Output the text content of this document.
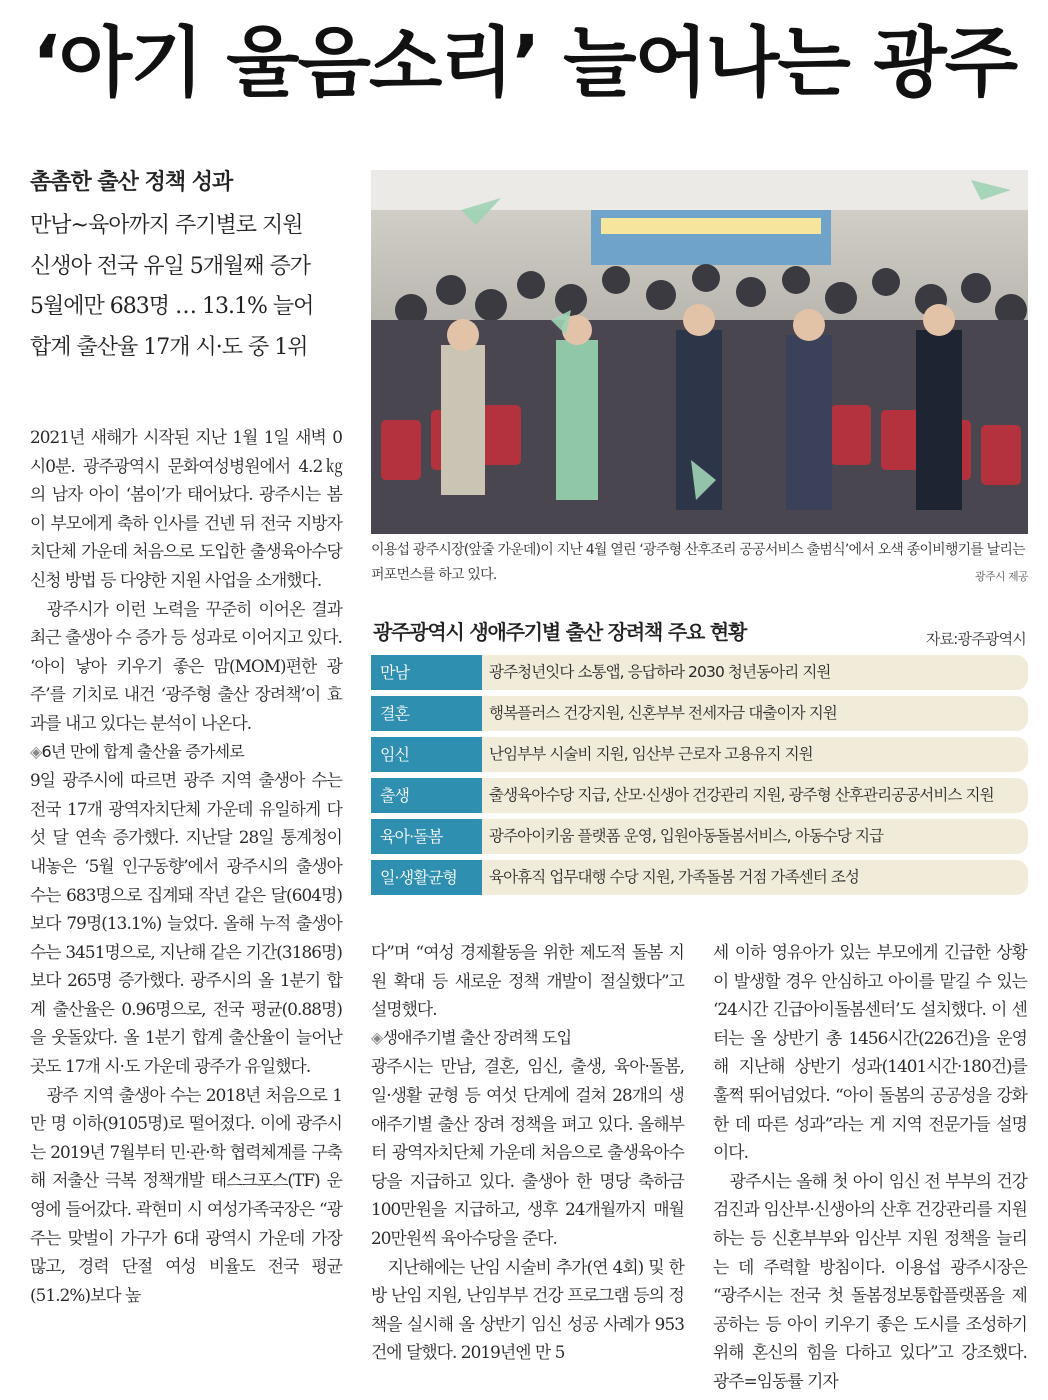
‘아기 울음소리’ 늘어나는 광주
촘촘한 출산 정책 성과
만남~육아까지 주기별로 지원
신생아 전국 유일 5개월째 증가
5월에만 683명 … 13.1% 늘어
합계 출산율 17개 시·도 중 1위

2021년 새해가 시작된 지난 1월 1일 새벽 0시0분. 광주광역시 문화여성병원에서 4.2㎏의 남자 아이 ‘봄이’가 태어났다. 광주시는 봄이 부모에게 축하 인사를 건넨 뒤 전국 지방자치단체 가운데 처음으로 도입한 출생육아수당 신청 방법 등 다양한 지원 사업을 소개했다.

광주시가 이런 노력을 꾸준히 이어온 결과 최근 출생아 수 증가 등 성과로 이어지고 있다. ‘아이 낳아 키우기 좋은 맘(MOM)편한 광주’를 기치로 내건 ‘광주형 출산 장려책’이 효과를 내고 있다는 분석이 나온다.

◈6년 만에 합계 출산율 증가세로

9일 광주시에 따르면 광주 지역 출생아 수는 전국 17개 광역자치단체 가운데 유일하게 다섯 달 연속 증가했다. 지난달 28일 통계청이 내놓은 ‘5월 인구동향’에서 광주시의 출생아 수는 683명으로 집계돼 작년 같은 달(604명)보다 79명(13.1%) 늘었다. 올해 누적 출생아 수는 3451명으로, 지난해 같은 기간(3186명)보다 265명 증가했다. 광주시의 올 1분기 합계 출산율은 0.96명으로, 전국 평균(0.88명)을 웃돌았다. 올 1분기 합계 출산율이 늘어난 곳도 17개 시·도 가운데 광주가 유일했다.

광주 지역 출생아 수는 2018년 처음으로 1만 명 이하(9105명)로 떨어졌다. 이에 광주시는 2019년 7월부터 민·관·학 협력체계를 구축해 저출산 극복 정책개발 태스크포스(TF) 운영에 들어갔다. 곽현미 시 여성가족국장은 “광주는 맞벌이 가구가 6대 광역시 가운데 가장 많고, 경력 단절 여성 비율도 전국 평균(51.2%)보다 높

이용섭 광주시장(앞줄 가운데)이 지난 4월 열린 ‘광주형 산후조리 공공서비스 출범식’에서 오색 종이비행기를 날리는 퍼포먼스를 하고 있다.	광주시 제공
광주광역시 생애주기별 출산 장려책 주요 현황	자료:광주광역시
만남	광주청년잇다 소통앱, 응답하라 2030 청년동아리 지원
결혼	행복플러스 건강지원, 신혼부부 전세자금 대출이자 지원
임신	난임부부 시술비 지원, 임산부 근로자 고용유지 지원
출생	출생육아수당 지급, 산모·신생아 건강관리 지원, 광주형 산후관리공공서비스 지원
육아·돌봄	광주아이키움 플랫폼 운영, 입원아동돌봄서비스, 아동수당 지급
일·생활균형	육아휴직 업무대행 수당 지원, 가족돌봄 거점 가족센터 조성

다”며 “여성 경제활동을 위한 제도적 돌봄 지원 확대 등 새로운 정책 개발이 절실했다”고 설명했다.

◈생애주기별 출산 장려책 도입

광주시는 만남, 결혼, 임신, 출생, 육아·돌봄, 일·생활 균형 등 여섯 단계에 걸쳐 28개의 생애주기별 출산 장려 정책을 펴고 있다. 올해부터 광역자치단체 가운데 처음으로 출생육아수당을 지급하고 있다. 출생아 한 명당 축하금 100만원을 지급하고, 생후 24개월까지 매월 20만원씩 육아수당을 준다.

지난해에는 난임 시술비 추가(연 4회) 및 한방 난임 지원, 난임부부 건강 프로그램 등의 정책을 실시해 올 상반기 임신 성공 사례가 953건에 달했다. 2019년엔 만 5

세 이하 영유아가 있는 부모에게 긴급한 상황이 발생할 경우 안심하고 아이를 맡길 수 있는 ‘24시간 긴급아이돌봄센터’도 설치했다. 이 센터는 올 상반기 총 1456시간(226건)을 운영해 지난해 상반기 성과(1401시간·180건)를 훌쩍 뛰어넘었다. “아이 돌봄의 공공성을 강화한 데 따른 성과”라는 게 지역 전문가들 설명이다.

광주시는 올해 첫 아이 임신 전 부부의 건강검진과 임산부·신생아의 산후 건강관리를 지원하는 등 신혼부부와 임산부 지원 정책을 늘리는 데 주력할 방침이다. 이용섭 광주시장은 “광주시는 전국 첫 돌봄정보통합플랫폼을 제공하는 등 아이 키우기 좋은 도시를 조성하기 위해 혼신의 힘을 다하고 있다”고 강조했다. 광주=임동률 기자
